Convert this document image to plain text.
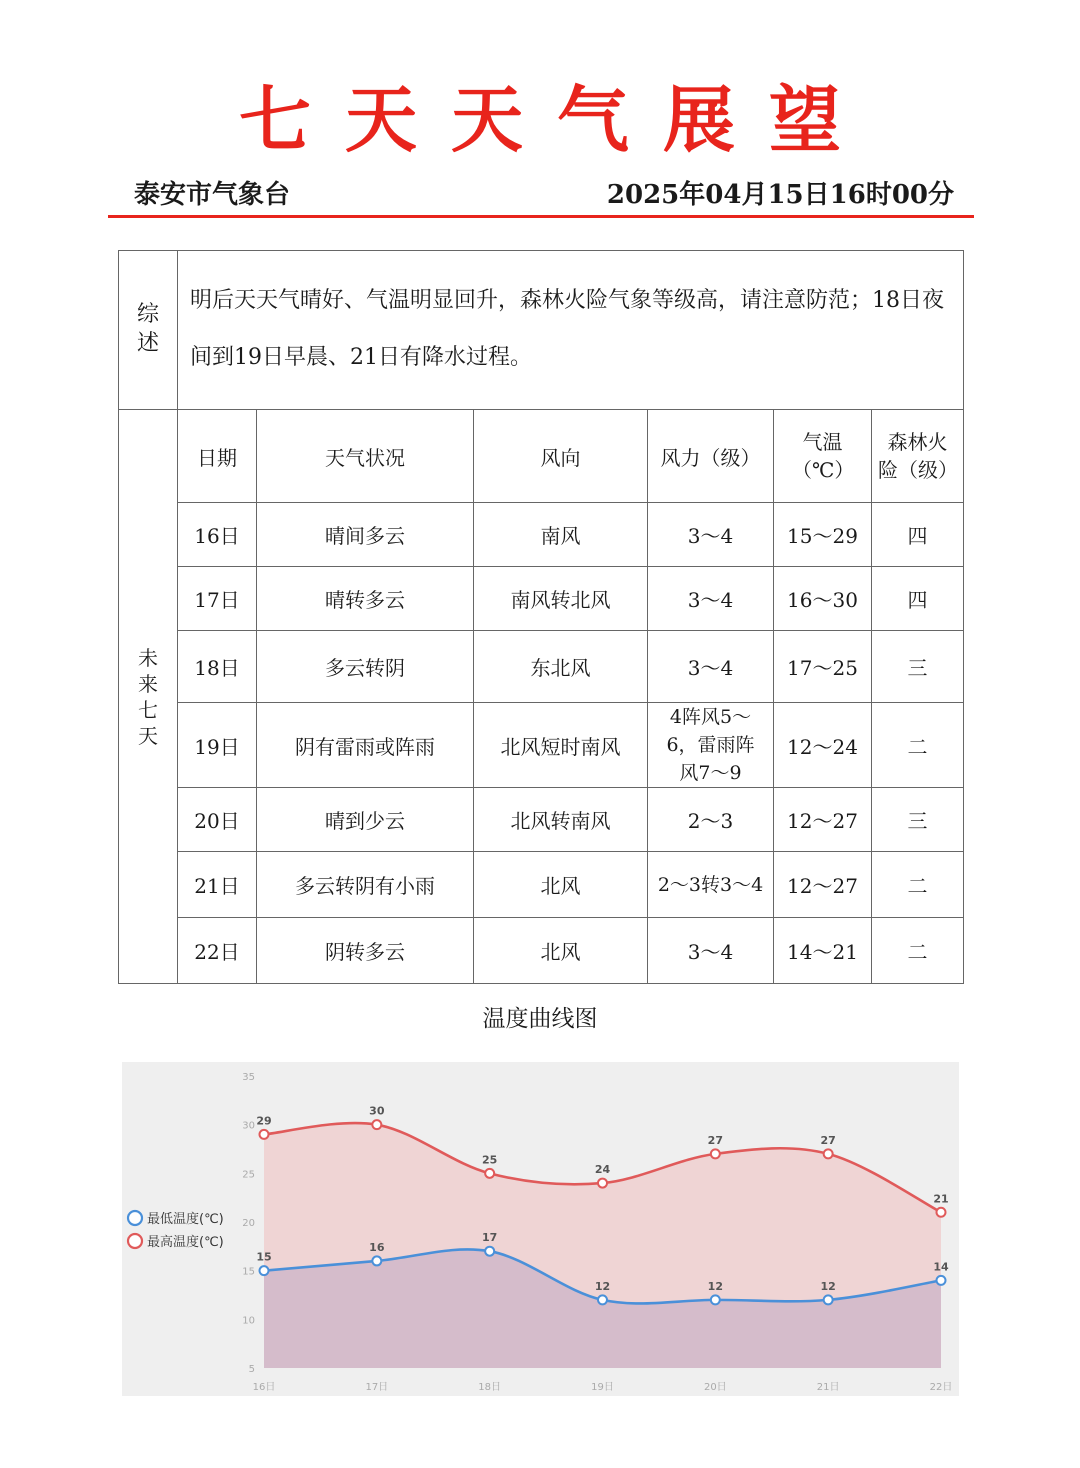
七天天气展望
泰安市气象台	2025年04月15日16时00分
综述	明后天天气晴好、气温明显回升，森林火险气象等级高，请注意防范；18日夜间到19日早晨、21日有降水过程。					

未来七天	日期	天气状况	风向	风力（级）	气温（℃）	森林火险（级）
	16日	晴间多云	南风	3～4	15～29	四
	17日	晴转多云	南风转北风	3～4	16～30	四
	18日	多云转阴	东北风	3～4	17～25	三
	19日	阴有雷雨或阵雨	北风短时南风	4阵风5～6，雷雨阵风7～9	12～24	二
	20日	晴到少云	北风转南风	2～3	12～27	三
	21日	多云转阴有小雨	北风	2～3转3～4	12～27	二
	22日	阴转多云	北风	3～4	14～21	二
温度曲线图
5
10
15
20
25
30
35
16日	17日	18日	19日	20日	21日	22日
29
30
25
24
27	27
21
15
16
17
12	12	12
14
最低温度(℃)
最高温度(℃)
